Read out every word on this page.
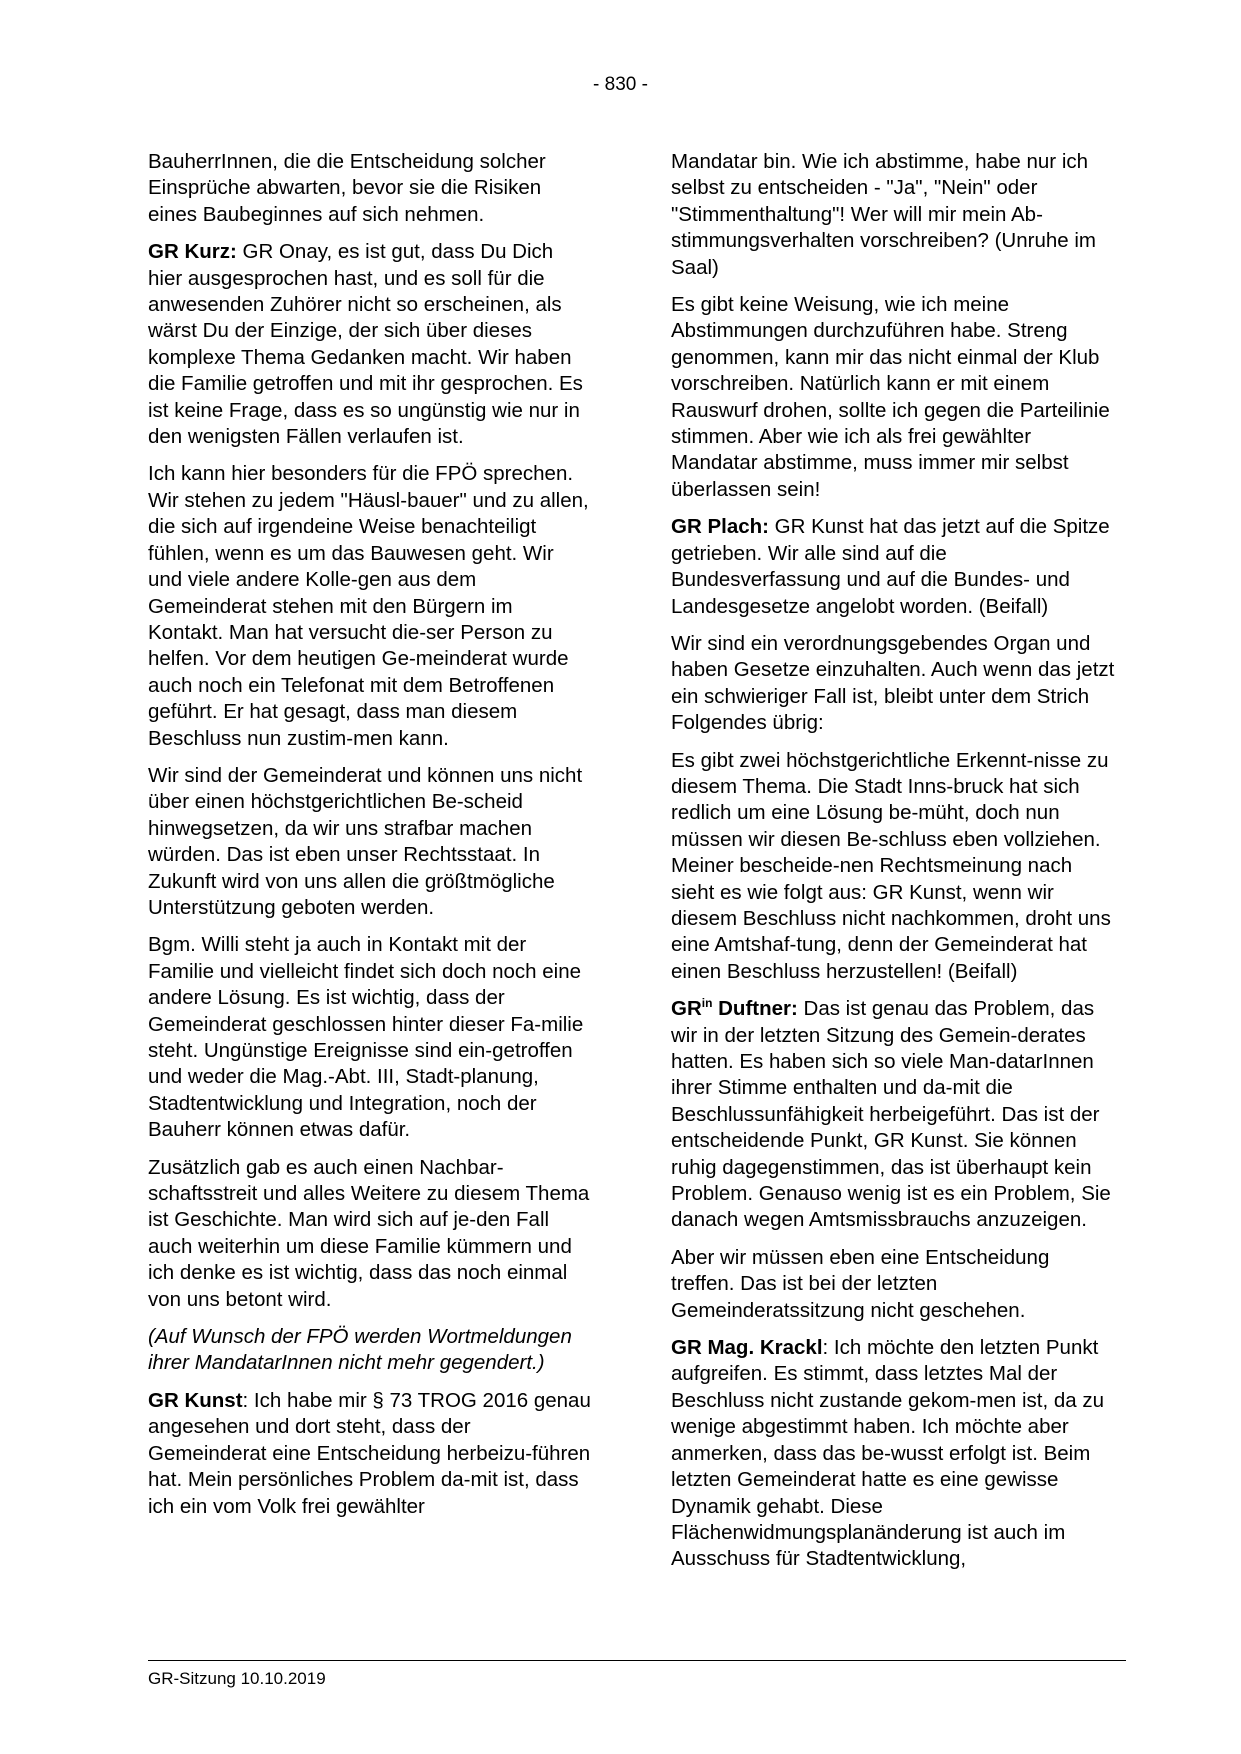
- 830 -

BauherrInnen, die die Entscheidung solcher Einsprüche abwarten, bevor sie die Risiken eines Baubeginnes auf sich nehmen.

GR Kurz: GR Onay, es ist gut, dass Du Dich hier ausgesprochen hast, und es soll für die anwesenden Zuhörer nicht so erscheinen, als wärst Du der Einzige, der sich über dieses komplexe Thema Gedanken macht. Wir haben die Familie getroffen und mit ihr gesprochen. Es ist keine Frage, dass es so ungünstig wie nur in den wenigsten Fällen verlaufen ist.

Ich kann hier besonders für die FPÖ sprechen. Wir stehen zu jedem "Häusl-bauer" und zu allen, die sich auf irgendeine Weise benachteiligt fühlen, wenn es um das Bauwesen geht. Wir und viele andere Kolle-gen aus dem Gemeinderat stehen mit den Bürgern im Kontakt. Man hat versucht die-ser Person zu helfen. Vor dem heutigen Ge-meinderat wurde auch noch ein Telefonat mit dem Betroffenen geführt. Er hat gesagt, dass man diesem Beschluss nun zustim-men kann.

Wir sind der Gemeinderat und können uns nicht über einen höchstgerichtlichen Be-scheid hinwegsetzen, da wir uns strafbar machen würden. Das ist eben unser Rechtsstaat. In Zukunft wird von uns allen die größtmögliche Unterstützung geboten werden.

Bgm. Willi steht ja auch in Kontakt mit der Familie und vielleicht findet sich doch noch eine andere Lösung. Es ist wichtig, dass der Gemeinderat geschlossen hinter dieser Fa-milie steht. Ungünstige Ereignisse sind ein-getroffen und weder die Mag.-Abt. III, Stadt-planung, Stadtentwicklung und Integration, noch der Bauherr können etwas dafür.

Zusätzlich gab es auch einen Nachbar-schaftsstreit und alles Weitere zu diesem Thema ist Geschichte. Man wird sich auf je-den Fall auch weiterhin um diese Familie kümmern und ich denke es ist wichtig, dass das noch einmal von uns betont wird.

(Auf Wunsch der FPÖ werden Wortmeldungen ihrer MandatarInnen nicht mehr gegendert.)

GR Kunst: Ich habe mir § 73 TROG 2016 genau angesehen und dort steht, dass der Gemeinderat eine Entscheidung herbeizu-führen hat. Mein persönliches Problem da-mit ist, dass ich ein vom Volk frei gewählter

Mandatar bin. Wie ich abstimme, habe nur ich selbst zu entscheiden - "Ja", "Nein" oder "Stimmenthaltung"! Wer will mir mein Ab-stimmungsverhalten vorschreiben? (Unruhe im Saal)

Es gibt keine Weisung, wie ich meine Abstimmungen durchzuführen habe. Streng genommen, kann mir das nicht einmal der Klub vorschreiben. Natürlich kann er mit einem Rauswurf drohen, sollte ich gegen die Parteilinie stimmen. Aber wie ich als frei gewählter Mandatar abstimme, muss immer mir selbst überlassen sein!

GR Plach: GR Kunst hat das jetzt auf die Spitze getrieben. Wir alle sind auf die Bundesverfassung und auf die Bundes- und Landesgesetze angelobt worden. (Beifall)

Wir sind ein verordnungsgebendes Organ und haben Gesetze einzuhalten. Auch wenn das jetzt ein schwieriger Fall ist, bleibt unter dem Strich Folgendes übrig:

Es gibt zwei höchstgerichtliche Erkennt-nisse zu diesem Thema. Die Stadt Inns-bruck hat sich redlich um eine Lösung be-müht, doch nun müssen wir diesen Be-schluss eben vollziehen. Meiner bescheide-nen Rechtsmeinung nach sieht es wie folgt aus: GR Kunst, wenn wir diesem Beschluss nicht nachkommen, droht uns eine Amtshaf-tung, denn der Gemeinderat hat einen Beschluss herzustellen! (Beifall)

$GR^{in}$ Duftner: Das ist genau das Problem, das wir in der letzten Sitzung des Gemein-derates hatten. Es haben sich so viele Man-datarInnen ihrer Stimme enthalten und da-mit die Beschlussunfähigkeit herbeigeführt. Das ist der entscheidende Punkt, GR Kunst. Sie können ruhig dagegenstimmen, das ist überhaupt kein Problem. Genauso wenig ist es ein Problem, Sie danach wegen Amtsmissbrauchs anzuzeigen.

Aber wir müssen eben eine Entscheidung treffen. Das ist bei der letzten Gemeinderatssitzung nicht geschehen.

GR Mag. Krackl: Ich möchte den letzten Punkt aufgreifen. Es stimmt, dass letztes Mal der Beschluss nicht zustande gekom-men ist, da zu wenige abgestimmt haben. Ich möchte aber anmerken, dass das be-wusst erfolgt ist. Beim letzten Gemeinderat hatte es eine gewisse Dynamik gehabt. Diese Flächenwidmungsplanänderung ist auch im Ausschuss für Stadtentwicklung,

GR-Sitzung 10.10.2019
